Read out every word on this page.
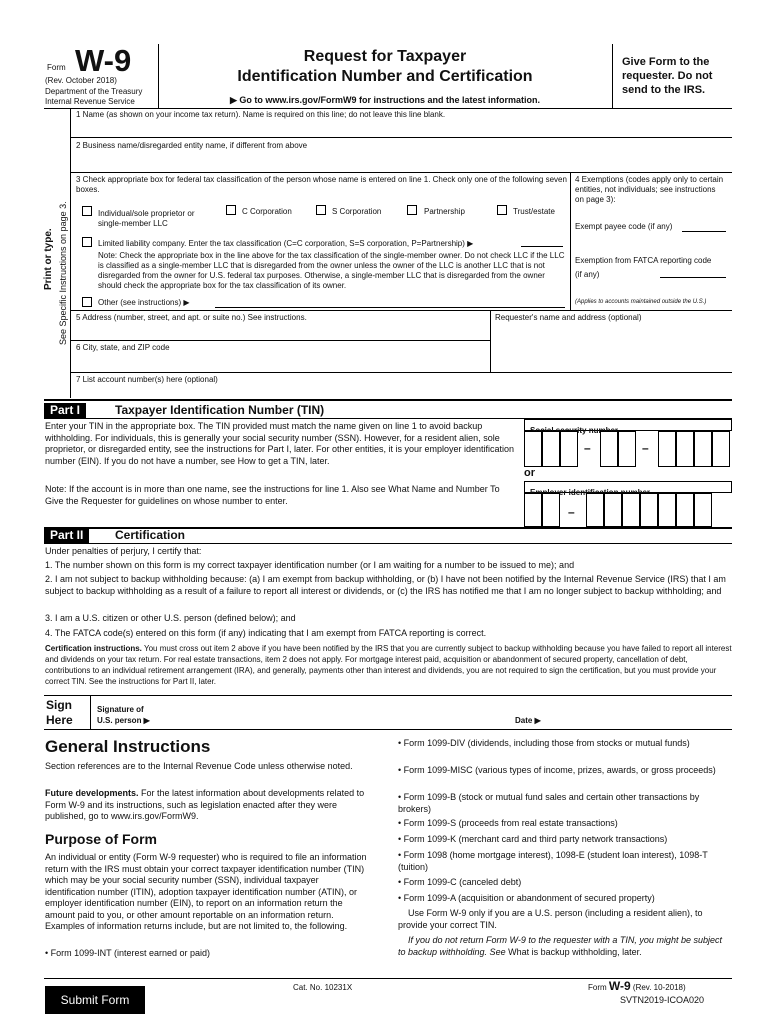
Form W-9
(Rev. October 2018)
Department of the Treasury
Internal Revenue Service
Request for Taxpayer
Identification Number and Certification
▶ Go to www.irs.gov/FormW9 for instructions and the latest information.
Give Form to the requester. Do not send to the IRS.
Print or type. See Specific Instructions on page 3.
1 Name (as shown on your income tax return). Name is required on this line; do not leave this line blank.
2 Business name/disregarded entity name, if different from above
3 Check appropriate box for federal tax classification of the person whose name is entered on line 1. Check only one of the following seven boxes.
Individual/sole proprietor or single-member LLC
C Corporation	S Corporation	Partnership	Trust/estate
Limited liability company. Enter the tax classification (C=C corporation, S=S corporation, P=Partnership) ▶
Note: Check the appropriate box in the line above for the tax classification of the single-member owner. Do not check LLC if the LLC is classified as a single-member LLC that is disregarded from the owner unless the owner of the LLC is another LLC that is not disregarded from the owner for U.S. federal tax purposes. Otherwise, a single-member LLC that is disregarded from the owner should check the appropriate box for the tax classification of its owner.
Other (see instructions) ▶
4 Exemptions (codes apply only to certain entities, not individuals; see instructions on page 3):
Exempt payee code (if any)
Exemption from FATCA reporting code (if any)
(Applies to accounts maintained outside the U.S.)
5 Address (number, street, and apt. or suite no.) See instructions.	Requester's name and address (optional)
6 City, state, and ZIP code
7 List account number(s) here (optional)
Part I	Taxpayer Identification Number (TIN)
Enter your TIN in the appropriate box. The TIN provided must match the name given on line 1 to avoid backup withholding. For individuals, this is generally your social security number (SSN). However, for a resident alien, sole proprietor, or disregarded entity, see the instructions for Part I, later. For other entities, it is your employer identification number (EIN). If you do not have a number, see How to get a TIN, later.
Note: If the account is in more than one name, see the instructions for line 1. Also see What Name and Number To Give the Requester for guidelines on whose number to enter.
–	–
or
–
Part II	Certification
Under penalties of perjury, I certify that:
1. The number shown on this form is my correct taxpayer identification number (or I am waiting for a number to be issued to me); and
2. I am not subject to backup withholding because: (a) I am exempt from backup withholding, or (b) I have not been notified by the Internal Revenue Service (IRS) that I am subject to backup withholding as a result of a failure to report all interest or dividends, or (c) the IRS has notified me that I am no longer subject to backup withholding; and
3. I am a U.S. citizen or other U.S. person (defined below); and
4. The FATCA code(s) entered on this form (if any) indicating that I am exempt from FATCA reporting is correct.
Certification instructions. You must cross out item 2 above if you have been notified by the IRS that you are currently subject to backup withholding because you have failed to report all interest and dividends on your tax return. For real estate transactions, item 2 does not apply. For mortgage interest paid, acquisition or abandonment of secured property, cancellation of debt, contributions to an individual retirement arrangement (IRA), and generally, payments other than interest and dividends, you are not required to sign the certification, but you must provide your correct TIN. See the instructions for Part II, later.
Sign
Here
Signature of
U.S. person ▶	Date ▶
General Instructions
Section references are to the Internal Revenue Code unless otherwise noted.
Future developments. For the latest information about developments related to Form W-9 and its instructions, such as legislation enacted after they were published, go to www.irs.gov/FormW9.
Purpose of Form
An individual or entity (Form W-9 requester) who is required to file an information return with the IRS must obtain your correct taxpayer identification number (TIN) which may be your social security number (SSN), individual taxpayer identification number (ITIN), adoption taxpayer identification number (ATIN), or employer identification number (EIN), to report on an information return the amount paid to you, or other amount reportable on an information return. Examples of information returns include, but are not limited to, the following.
• Form 1099-INT (interest earned or paid)
• Form 1099-DIV (dividends, including those from stocks or mutual funds)
• Form 1099-MISC (various types of income, prizes, awards, or gross proceeds)
• Form 1099-B (stock or mutual fund sales and certain other transactions by brokers)
• Form 1099-S (proceeds from real estate transactions)
• Form 1099-K (merchant card and third party network transactions)
• Form 1098 (home mortgage interest), 1098-E (student loan interest), 1098-T (tuition)
• Form 1099-C (canceled debt)
• Form 1099-A (acquisition or abandonment of secured property)
Use Form W-9 only if you are a U.S. person (including a resident alien), to provide your correct TIN.
If you do not return Form W-9 to the requester with a TIN, you might be subject to backup withholding. See What is backup withholding, later.
Cat. No. 10231X	Form W-9 (Rev. 10-2018)
SVTN2019-ICOA020
Submit Form
